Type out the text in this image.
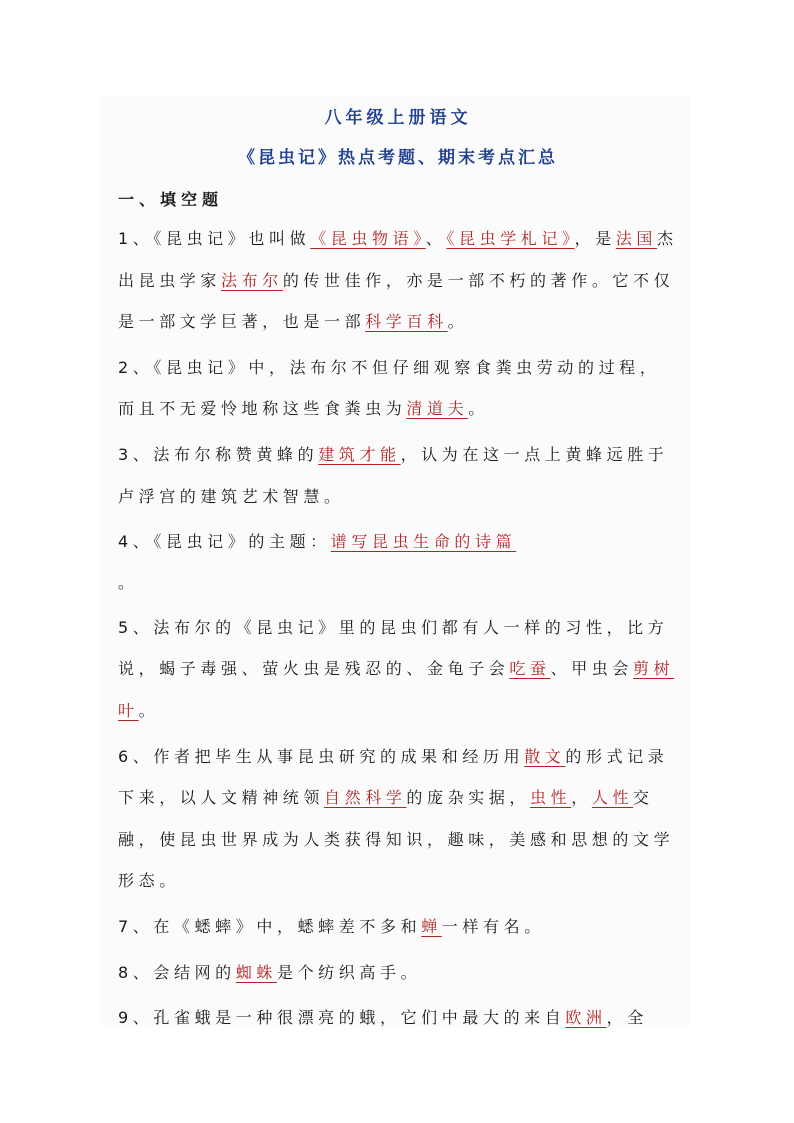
八年级上册语文
《昆虫记》热点考题、期末考点汇总
一、填空题
1、《昆虫记》也叫做《昆虫物语》、《昆虫学札记》，是法国杰出昆虫学家法布尔的传世佳作，亦是一部不朽的著作。它不仅是一部文学巨著，也是一部科学百科。
2、《昆虫记》中，法布尔不但仔细观察食粪虫劳动的过程，而且不无爱怜地称这些食粪虫为清道夫。
3、法布尔称赞黄蜂的建筑才能，认为在这一点上黄蜂远胜于卢浮宫的建筑艺术智慧。
4、《昆虫记》的主题：谱写昆虫生命的诗篇
。
5、法布尔的《昆虫记》里的昆虫们都有人一样的习性，比方说，蝎子毒强、萤火虫是残忍的、金龟子会吃蚕、甲虫会剪树叶。
6、作者把毕生从事昆虫研究的成果和经历用散文的形式记录下来，以人文精神统领自然科学的庞杂实据，虫性，人性交融，使昆虫世界成为人类获得知识，趣味，美感和思想的文学形态。
7、在《蟋蟀》中，蟋蟀差不多和蝉一样有名。
8、会结网的蜘蛛是个纺织高手。
9、孔雀蛾是一种很漂亮的蛾，它们中最大的来自欧洲，全
